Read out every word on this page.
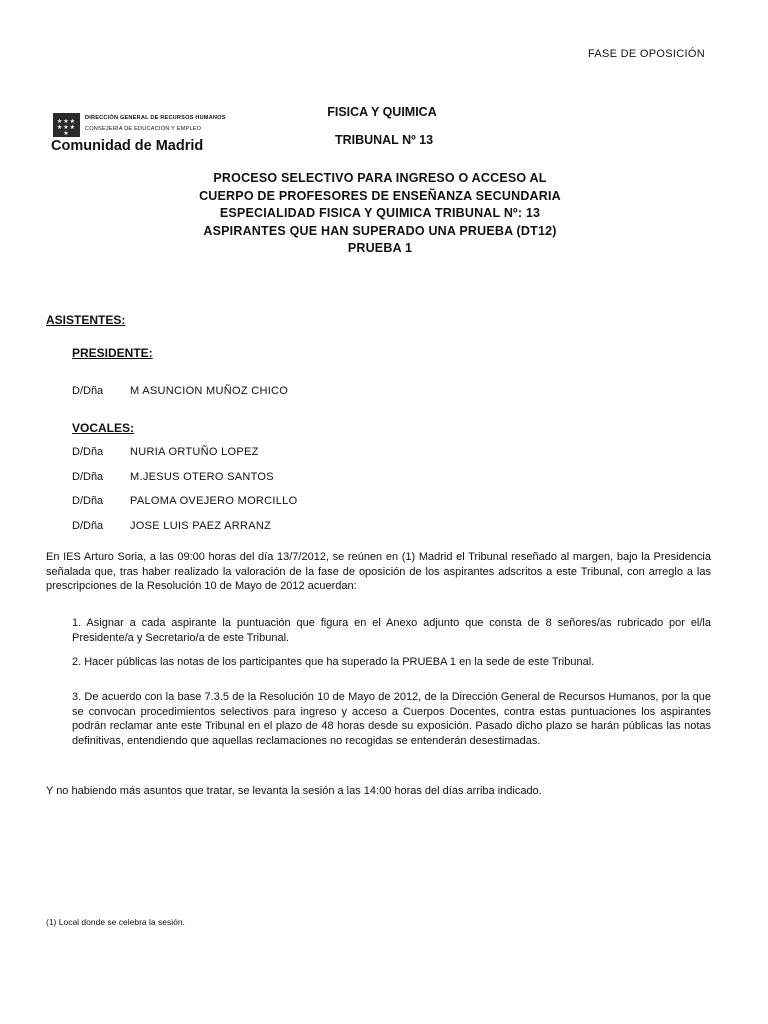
FASE DE OPOSICIÓN
★★★
★★★
★
DIRECCIÓN GENERAL DE RECURSOS HUMANOS
CONSEJERÍA DE EDUCACIÓN Y EMPLEO
Comunidad de Madrid
FISICA Y QUIMICA
TRIBUNAL Nº 13
PROCESO SELECTIVO PARA INGRESO O ACCESO AL
CUERPO DE PROFESORES DE ENSEÑANZA SECUNDARIA
ESPECIALIDAD FISICA Y QUIMICA TRIBUNAL Nº: 13
ASPIRANTES QUE HAN SUPERADO UNA PRUEBA (DT12)
PRUEBA 1
ASISTENTES:
PRESIDENTE:
D/Dña M ASUNCION MUÑOZ CHICO
VOCALES:
D/Dña NURIA ORTUÑO LOPEZ
D/Dña M.JESUS OTERO SANTOS
D/Dña PALOMA OVEJERO MORCILLO
D/Dña JOSE LUIS PAEZ ARRANZ
En IES Arturo Soria, a las 09:00 horas del día 13/7/2012, se reúnen en (1) Madrid el Tribunal reseñado al margen, bajo la Presidencia señalada que, tras haber realizado la valoración de la fase de oposición de los aspirantes adscritos a este Tribunal, con arreglo a las prescripciones de la Resolución 10 de Mayo de 2012 acuerdan:
1. Asignar a cada aspirante la puntuación que figura en el Anexo adjunto que consta de 8 señores/as rubricado por el/la Presidente/a y Secretario/a de este Tribunal.
2. Hacer públicas las notas de los participantes que ha superado la PRUEBA 1 en la sede de este Tribunal.
3. De acuerdo con la base 7.3.5 de la Resolución 10 de Mayo de 2012, de la Dirección General de Recursos Humanos, por la que se convocan procedimientos selectivos para ingreso y acceso a Cuerpos Docentes, contra estas puntuaciones los aspirantes podrán reclamar ante este Tribunal en el plazo de 48 horas desde su exposición. Pasado dicho plazo se harán públicas las notas definitivas, entendiendo que aquellas reclamaciones no recogidas se entenderán desestimadas.
Y no habiendo más asuntos que tratar, se levanta la sesión a las 14:00 horas del días arriba indicado.
(1) Local donde se celebra la sesión.
